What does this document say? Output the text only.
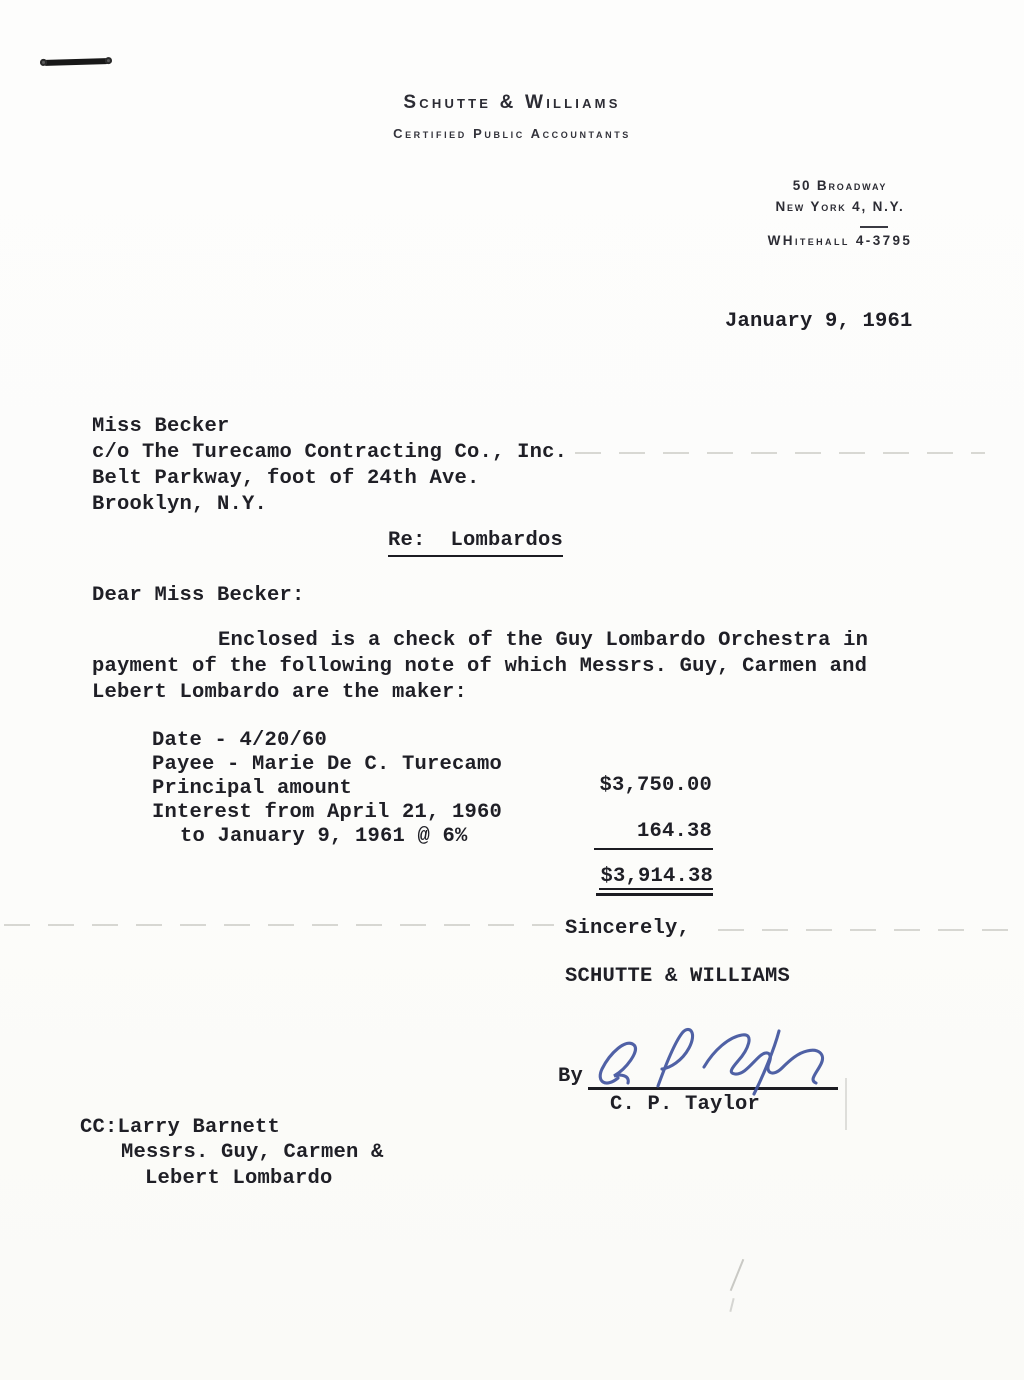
Schutte & Williams
Certified Public Accountants
50 Broadway
New York 4, N.Y.
WHitehall 4-3795
January 9, 1961
Miss Becker
c/o The Turecamo Contracting Co., Inc.
Belt Parkway, foot of 24th Ave.
Brooklyn, N.Y.
Re:  Lombardos
Dear Miss Becker:
Enclosed is a check of the Guy Lombardo Orchestra in
payment of the following note of which Messrs. Guy, Carmen and
Lebert Lombardo are the maker:
Date - 4/20/60
Payee - Marie De C. Turecamo
Principal amount	$3,750.00
Interest from April 21, 1960
to January 9, 1961 @ 6%	164.38
$3,914.38
Sincerely,
SCHUTTE & WILLIAMS
By
C. P. Taylor
CC:Larry Barnett
Messrs. Guy, Carmen &
Lebert Lombardo
